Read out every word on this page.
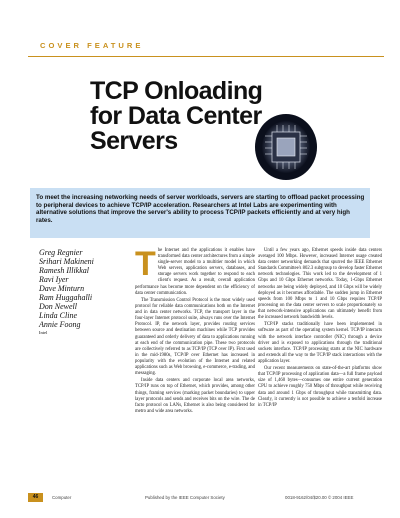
COVER FEATURE
TCP Onloading
for Data Center
Servers
To meet the increasing networking needs of server workloads, servers are starting to offload packet processing to peripheral devices to achieve TCP/IP acceleration. Researchers at Intel Labs are experimenting with alternative solutions that improve the server's ability to process TCP/IP packets efficiently and at very high rates.
Greg Regnier
Srihari Makineni
Ramesh Illikkal
Ravi Iyer
Dave Minturn
Ram Huggahalli
Don Newell
Linda Cline
Annie Foong
Intel
T he Internet and the applications it enables have transformed data center architectures from a simple single-server model to a multitier model in which Web servers, application servers, databases, and storage servers work together to respond to each client's request. As a result, overall application performance has become more dependent on the efficiency of data center communication.

The Transmission Control Protocol is the most widely used protocol for reliable data communications both on the Internet and in data center networks. TCP, the transport layer in the four-layer Internet protocol suite, always runs over the Internet Protocol. IP, the network layer, provides routing services between source and destination machines while TCP provides guaranteed and orderly delivery of data to applications running at each end of the communication pipe. These two protocols are collectively referred to as TCP/IP (TCP over IP). First used in the mid-1980s, TCP/IP over Ethernet has increased in popularity with the evolution of the Internet and related applications such as Web browsing, e-commerce, e-trading, and messaging.

Inside data centers and corporate local area networks, TCP/IP runs on top of Ethernet, which provides, among other things, framing services (marking packet boundaries) to upper layer protocols and sends and receives bits on the wire. The de facto protocol on LANs, Ethernet is also being considered for metro and wide area networks.

Until a few years ago, Ethernet speeds inside data centers averaged 100 Mbps. However, increased Internet usage created data center networking demands that spurred the IEEE Ethernet Standards Committee's 802.3 subgroup to develop faster Ethernet network technologies. This work led to the development of 1 Gbps and 10 Gbps Ethernet networks. Today, 1-Gbps Ethernet networks are being widely deployed, and 10 Gbps will be widely deployed as it becomes affordable. The sudden jump in Ethernet speeds from 100 Mbps to 1 and 10 Gbps requires TCP/IP processing on the data center servers to scale proportionately so that network-intensive applications can ultimately benefit from the increased network bandwidth levels.

TCP/IP stacks traditionally have been implemented in software as part of the operating system kernel. TCP/IP interacts with the network interface controller (NIC) through a device driver and is exposed to applications through the traditional sockets interface. TCP/IP processing starts at the NIC hardware and extends all the way to the TCP/IP stack interactions with the application layer.

Our recent measurements on state-of-the-art platforms show that TCP/IP processing of application data—a full frame payload size of 1,460 bytes—consumes one entire current generation CPU to achieve roughly 750 Mbps of throughput while receiving data and around 1 Gbps of throughput while transmitting data. Clearly, it currently is not possible to achieve a tenfold increase in TCP/IP

46	Computer	Published by the IEEE Computer Society	0018-9162/04/$20.00 © 2004 IEEE
